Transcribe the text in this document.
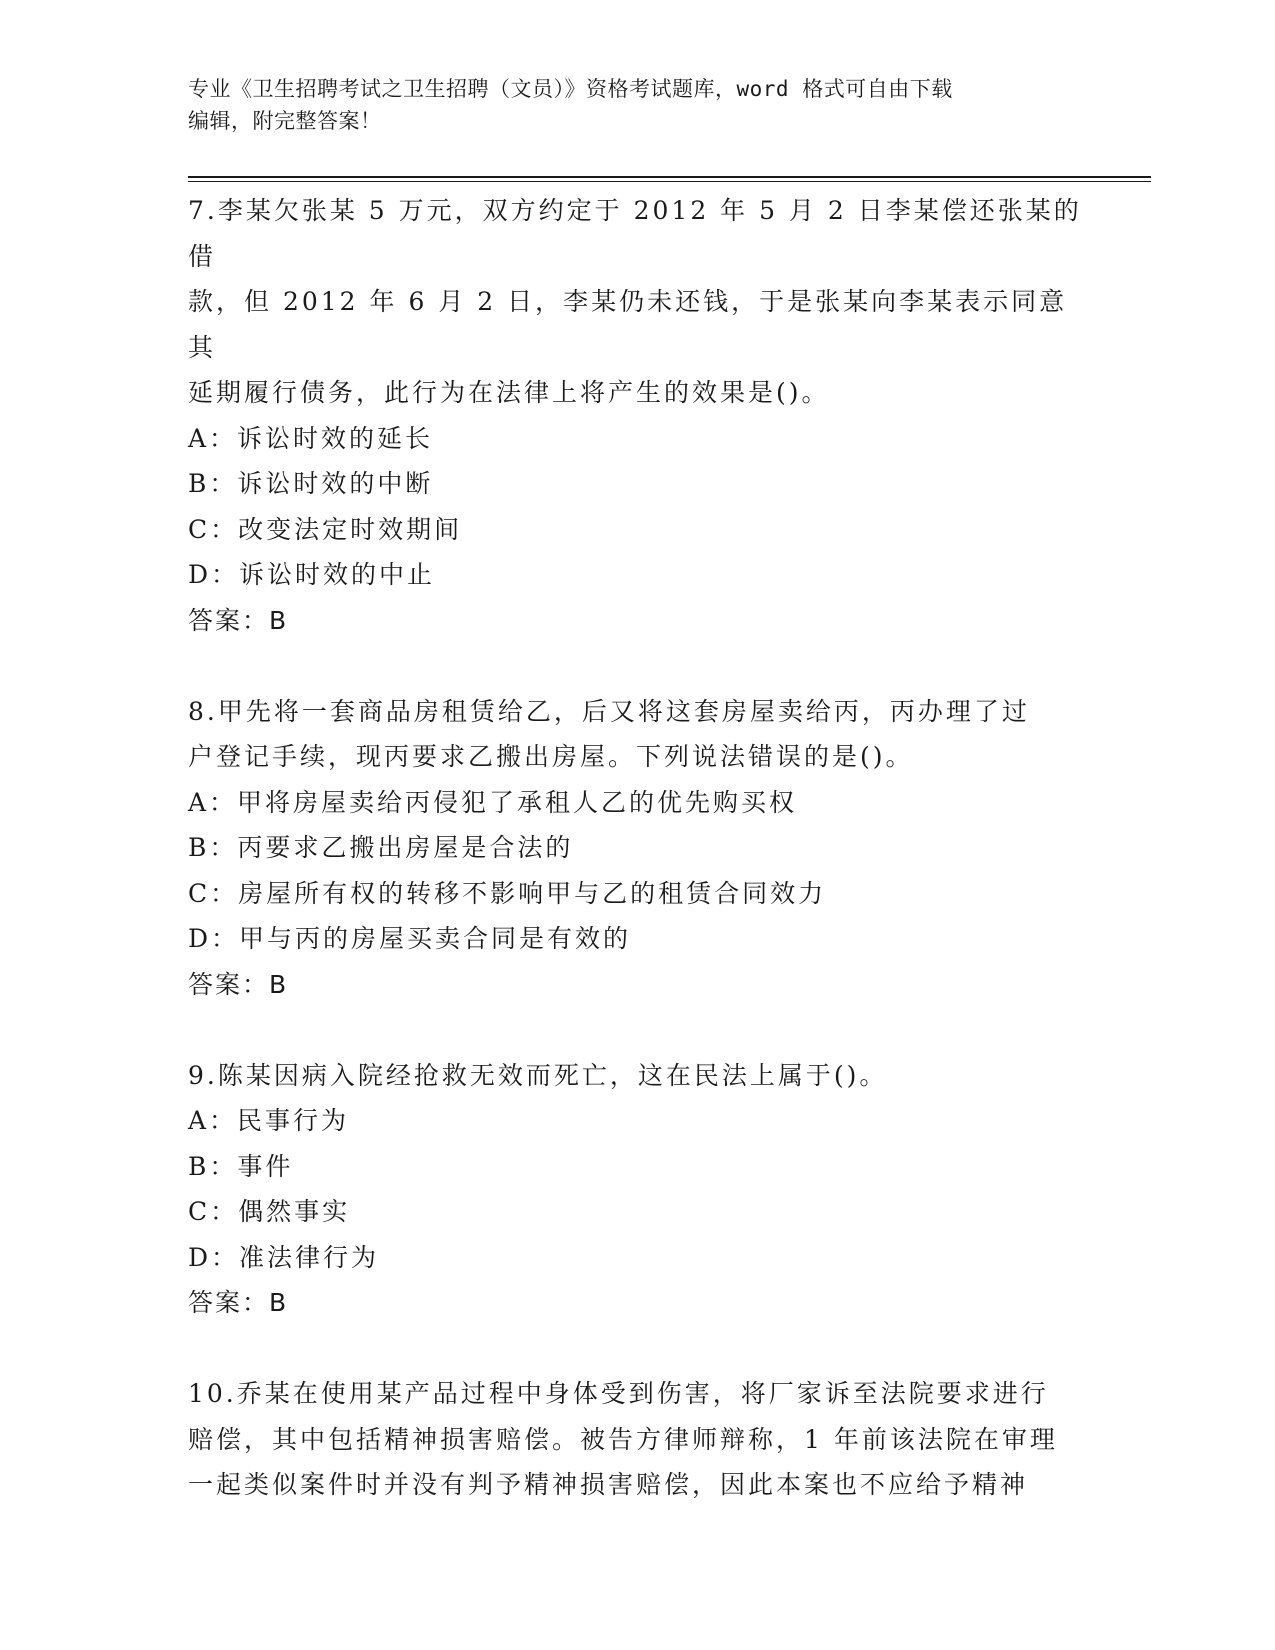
专业《卫生招聘考试之卫生招聘（文员）》资格考试题库，word 格式可自由下载
编辑，附完整答案！

7.李某欠张某 5 万元，双方约定于 2012 年 5 月 2 日李某偿还张某的借

款，但 2012 年 6 月 2 日，李某仍未还钱，于是张某向李某表示同意其

延期履行债务，此行为在法律上将产生的效果是()。

A：诉讼时效的延长

B：诉讼时效的中断

C：改变法定时效期间

D：诉讼时效的中止

答案：B

8.甲先将一套商品房租赁给乙，后又将这套房屋卖给丙，丙办理了过

户登记手续，现丙要求乙搬出房屋。下列说法错误的是()。

A：甲将房屋卖给丙侵犯了承租人乙的优先购买权

B：丙要求乙搬出房屋是合法的

C：房屋所有权的转移不影响甲与乙的租赁合同效力

D：甲与丙的房屋买卖合同是有效的

答案：B

9.陈某因病入院经抢救无效而死亡，这在民法上属于()。

A：民事行为

B：事件

C：偶然事实

D：准法律行为

答案：B

10.乔某在使用某产品过程中身体受到伤害，将厂家诉至法院要求进行

赔偿，其中包括精神损害赔偿。被告方律师辩称，1 年前该法院在审理

一起类似案件时并没有判予精神损害赔偿，因此本案也不应给予精神
